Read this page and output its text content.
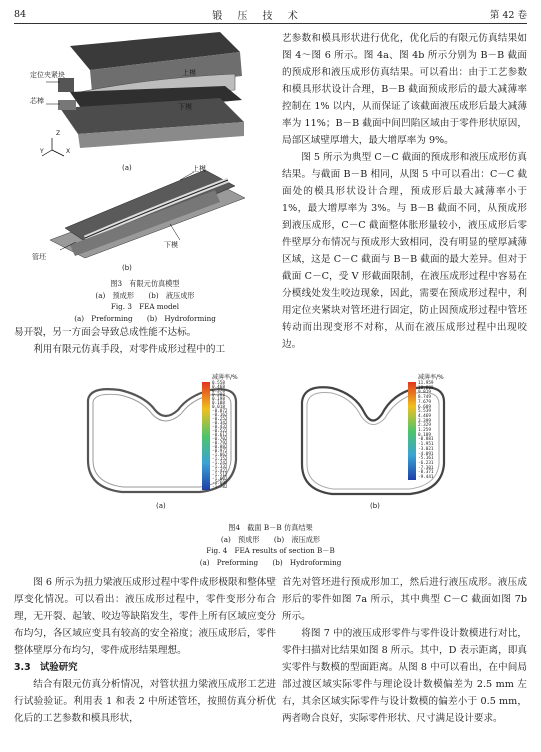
84	锻 压 技 术	第 42 卷
定位夹紧块	上模
芯棒
下模
Z
X
Y
(a)	上模
下模
管坯
(b)
图3　有限元仿真模型
(a)　预成形　　(b)　液压成形
Fig. 3　FEA model
(a)　Preforming　　(b)　Hydroforming

易开裂，另一方面会导致总成性能不达标。

利用有限元仿真手段，对零件成形过程中的工

艺参数和模具形状进行优化，优化后的有限元仿真结果如图 4～图 6 所示。图 4a、图 4b 所示分别为 B－B 截面的预成形和液压成形仿真结果。可以看出：由于工艺参数和模具形状设计合理，B－B 截面预成形后的最大减薄率控制在 1% 以内，从而保证了该截面液压成形后最大减薄率为 11%；B－B 截面中间凹陷区域由于零件形状原因，局部区域壁厚增大，最大增厚率为 9%。

图 5 所示为典型 C－C 截面的预成形和液压成形仿真结果。与截面 B－B 相同，从图 5 中可以看出：C－C 截面处的模具形状设计合理，预成形后最大减薄率小于 1%，最大增厚率为 3%。与 B－B 截面不同，从预成形到液压成形，C－C 截面整体胀形量较小，液压成形后零件壁厚分布情况与预成形大致相同，没有明显的壁厚减薄区域，这是 C－C 截面与 B－B 截面的最大差异。但对于截面 C－C，受 V 形截面限制，在液压成形过程中容易在分模线处发生咬边现象，因此，需要在预成形过程中，利用定位夹紧块对管坯进行固定，防止因预成形过程中管坯转动而出现变形不对称，从而在液压成形过程中出现咬边。

减薄率/%
0.558
0.468
0.378
0.288
0.198
0.108
0.018
-0.072
-0.162
-0.252
-0.342
-0.432
-0.522
-0.612
-0.702
-0.792
-0.882
-0.972
-1.062
-1.152
-1.242
-1.332
-1.422
-1.512
-1.602
-1.692
-1.782
减薄率/%
11.959
10.889
9.819
8.749
7.679
6.609
5.539
4.469
3.399
2.329
1.259
0.189
-0.881
-1.951
-3.021
-4.091
-5.161
-6.231
-7.301
-8.371
-9.441
(a)	(b)
图4　截面 B－B 仿真结果
(a)　预成形　　(b)　液压成形
Fig. 4　FEA results of section B－B
(a)　Preforming　　(b)　Hydroforming

图 6 所示为扭力梁液压成形过程中零件成形极限和整体壁厚变化情况。可以看出：液压成形过程中，零件变形分布合理，无开裂、起皱、咬边等缺陷发生，零件上所有区域应变分布均匀，各区域应变具有较高的安全裕度；液压成形后，零件整体壁厚分布均匀，零件成形结果理想。

3.3　试验研究

结合有限元仿真分析情况，对管状扭力梁液压成形工艺进行试验验证。利用表 1 和表 2 中所述管坯，按照仿真分析优化后的工艺参数和模具形状，

首先对管坯进行预成形加工，然后进行液压成形。液压成形后的零件如图 7a 所示，其中典型 C－C 截面如图 7b 所示。

将图 7 中的液压成形零件与零件设计数模进行对比，零件扫描对比结果如图 8 所示。其中，D 表示距离，即真实零件与数模的型面距离。从图 8 中可以看出，在中间局部过渡区域实际零件与理论设计数模偏差为 2.5 mm 左右，其余区域实际零件与设计数模的偏差小于 0.5 mm，两者吻合良好，实际零件形状、尺寸满足设计要求。
